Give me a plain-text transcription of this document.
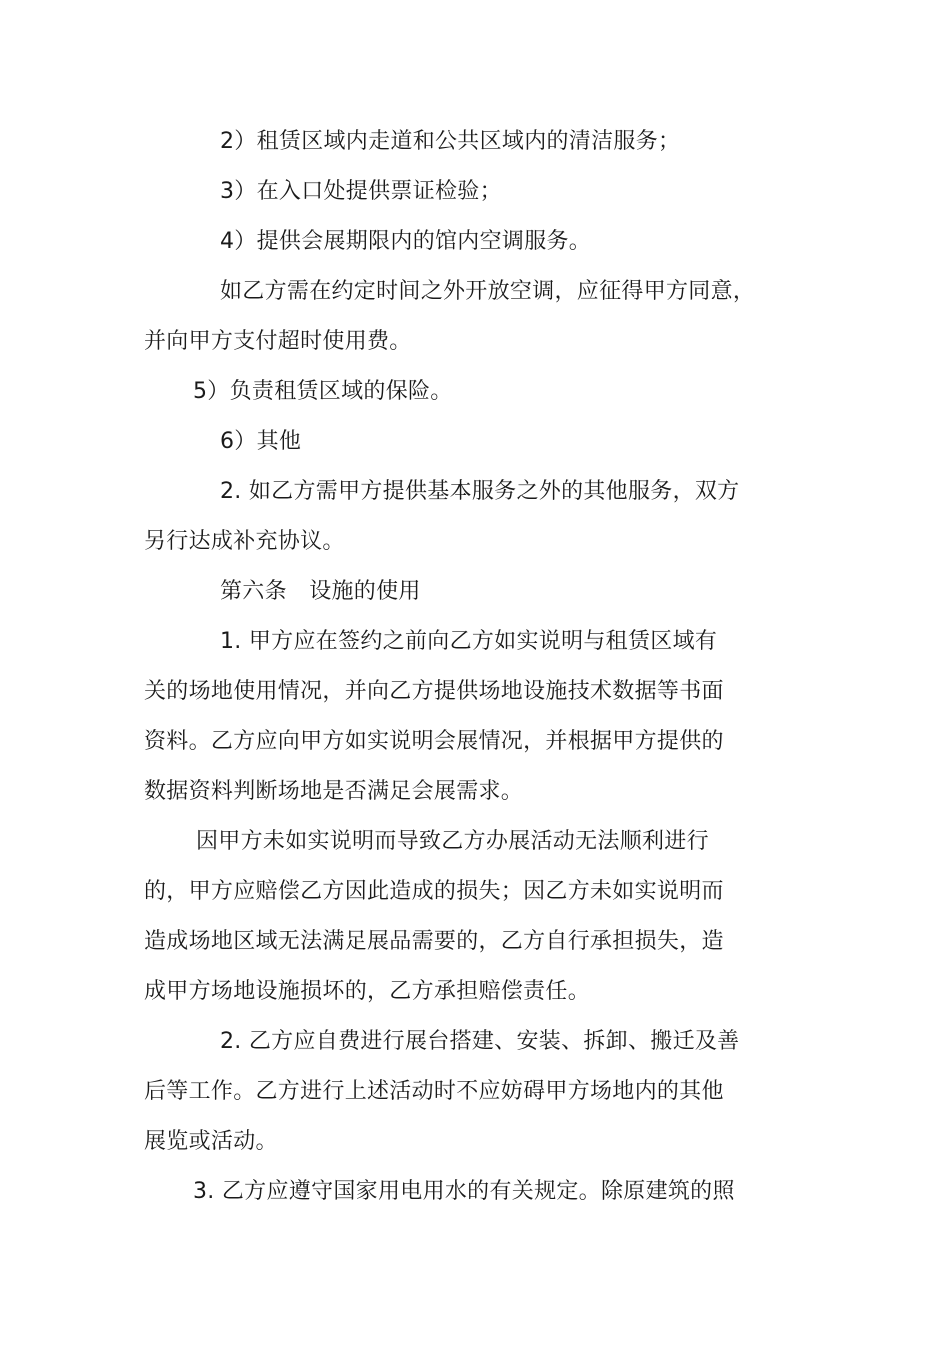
2）租赁区域内走道和公共区域内的清洁服务；
3）在入口处提供票证检验；
4）提供会展期限内的馆内空调服务。
如乙方需在约定时间之外开放空调，应征得甲方同意，
并向甲方支付超时使用费。
5）负责租赁区域的保险。
6）其他
2. 如乙方需甲方提供基本服务之外的其他服务，双方
另行达成补充协议。
第六条　设施的使用
1. 甲方应在签约之前向乙方如实说明与租赁区域有
关的场地使用情况，并向乙方提供场地设施技术数据等书面
资料。乙方应向甲方如实说明会展情况，并根据甲方提供的
数据资料判断场地是否满足会展需求。
因甲方未如实说明而导致乙方办展活动无法顺利进行
的，甲方应赔偿乙方因此造成的损失；因乙方未如实说明而
造成场地区域无法满足展品需要的，乙方自行承担损失，造
成甲方场地设施损坏的，乙方承担赔偿责任。
2. 乙方应自费进行展台搭建、安装、拆卸、搬迁及善
后等工作。乙方进行上述活动时不应妨碍甲方场地内的其他
展览或活动。
3. 乙方应遵守国家用电用水的有关规定。除原建筑的照
